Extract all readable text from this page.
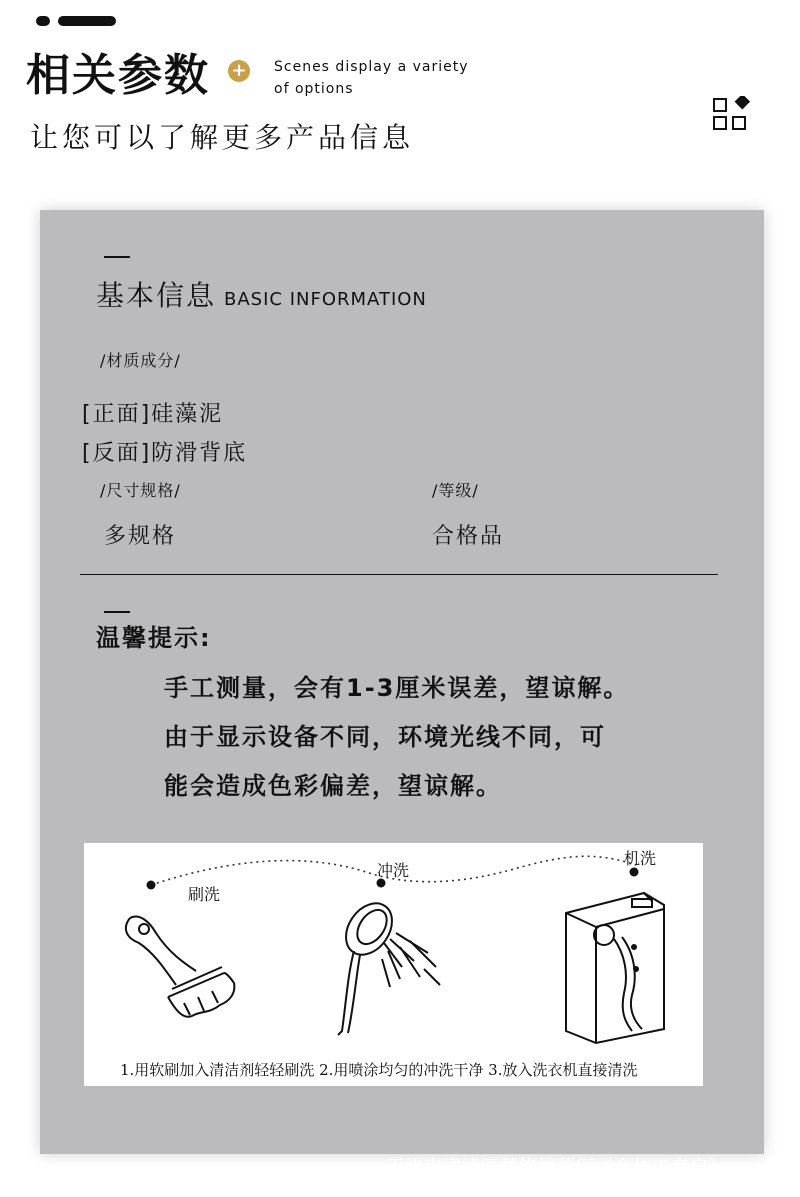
相关参数 + Scenes display a variety
of options
让您可以了解更多产品信息
基本信息 BASIC INFORMATION
/材质成分/
[正面]硅藻泥
[反面]防滑背底
/尺寸规格/	/等级/
多规格	合格品
温馨提示:
手工测量，会有1-3厘米误差，望谅解。
由于显示设备不同，环境光线不同，可
能会造成色彩偏差，望谅解。
刷洗
冲洗
机洗
1.用软刷加入清洁剂轻轻刷洗 2.用喷涂均匀的冲洗干净 3.放入洗衣机直接清洗
天津市武清区慧铭地毯厂（个体工商户）
